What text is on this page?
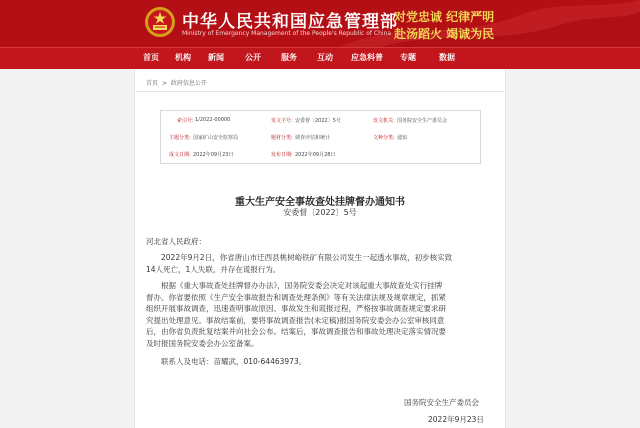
中华人民共和国应急管理部
Ministry of Emergency Management of the People's Republic of China
对党忠诚 纪律严明
赴汤蹈火 竭诚为民
首页 机构 新闻	公开	服务	互动 应急科普 专题	数据
首页 > 政府信息公开
索引号: 1/2022-00000	发文字号: 安委督〔2022〕5号	发文机关: 国务院安全生产委员会
主题分类: 国家矿山安全监察局	题材分类: 调查评估和统计	文种分类: 通知
成文日期: 2022年09月23日	发布日期: 2022年09月28日
重大生产安全事故查处挂牌督办通知书
安委督〔2022〕5号
河北省人民政府：
2022年9月2日，你省唐山市迁西县桃树峪铁矿有限公司发生一起透水事故，初步核实致
14人死亡，1人失联，并存在谎报行为。
根据《重大事故查处挂牌督办办法》，国务院安委会决定对该起重大事故查处实行挂牌
督办。你省要依照《生产安全事故报告和调查处理条例》等有关法律法规及规章规定，抓紧
组织开展事故调查，迅速查明事故原因、事故发生和谎报过程，严格按事故调查规定要求研
究提出处理意见。事故结案前，要将事故调查报告(未定稿)报国务院安委会办公室审核同意
后，由你省负责批复结案并向社会公布。结案后，事故调查报告和事故处理决定落实情况要
及时报国务院安委会办公室备案。
联系人及电话：苗耀武，010-64463973。
国务院安全生产委员会
2022年9月23日
